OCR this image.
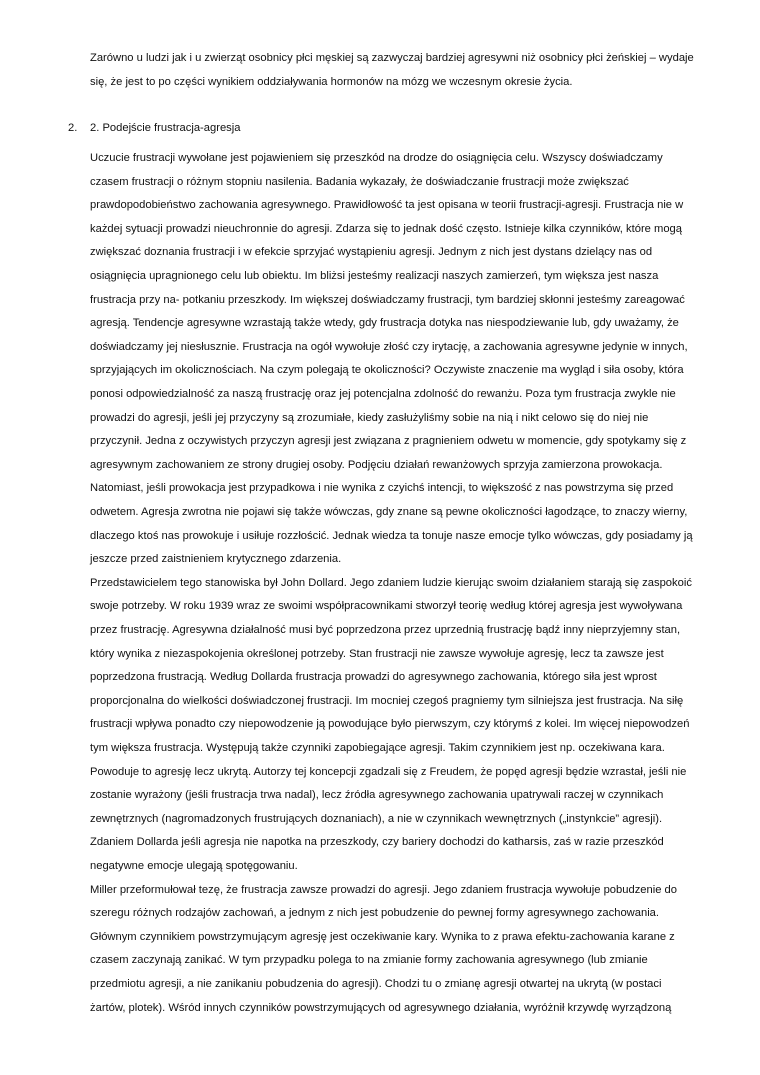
Zarówno u ludzi jak i u zwierząt osobnicy płci męskiej są zazwyczaj bardziej agresywni niż osobnicy płci żeńskiej – wydaje
się, że jest to po części wynikiem oddziaływania hormonów na mózg we wczesnym okresie życia.
2. 2. Podejście frustracja-agresja
Uczucie frustracji wywołane jest pojawieniem się przeszkód na drodze do osiągnięcia celu. Wszyscy doświadczamy
czasem frustracji o różnym stopniu nasilenia. Badania wykazały, że doświadczanie frustracji może zwiększać
prawdopodobieństwo zachowania agresywnego. Prawidłowość ta jest opisana w teorii frustracji-agresji. Frustracja nie w
każdej sytuacji prowadzi nieuchronnie do agresji. Zdarza się to jednak dość często. Istnieje kilka czynników, które mogą
zwiększać doznania frustracji i w efekcie sprzyjać wystąpieniu agresji. Jednym z nich jest dystans dzielący nas od
osiągnięcia upragnionego celu lub obiektu. Im bliżsi jesteśmy realizacji naszych zamierzeń, tym większa jest nasza
frustracja przy na- potkaniu przeszkody. Im większej doświadczamy frustracji, tym bardziej skłonni jesteśmy zareagować
agresją. Tendencje agresywne wzrastają także wtedy, gdy frustracja dotyka nas niespodziewanie lub, gdy uważamy, że
doświadczamy jej niesłusznie. Frustracja na ogół wywołuje złość czy irytację, a zachowania agresywne jedynie w innych,
sprzyjających im okolicznościach. Na czym polegają te okoliczności? Oczywiste znaczenie ma wygląd i siła osoby, która
ponosi odpowiedzialność za naszą frustrację oraz jej potencjalna zdolność do rewanżu. Poza tym frustracja zwykle nie
prowadzi do agresji, jeśli jej przyczyny są zrozumiałe, kiedy zasłużyliśmy sobie na nią i nikt celowo się do niej nie
przyczynił. Jedna z oczywistych przyczyn agresji jest związana z pragnieniem odwetu w momencie, gdy spotykamy się z
agresywnym zachowaniem ze strony drugiej osoby. Podjęciu działań rewanżowych sprzyja zamierzona prowokacja.
Natomiast, jeśli prowokacja jest przypadkowa i nie wynika z czyichś intencji, to większość z nas powstrzyma się przed
odwetem. Agresja zwrotna nie pojawi się także wówczas, gdy znane są pewne okoliczności łagodzące, to znaczy wierny,
dlaczego ktoś nas prowokuje i usiłuje rozzłościć. Jednak wiedza ta tonuje nasze emocje tylko wówczas, gdy posiadamy ją
jeszcze przed zaistnieniem krytycznego zdarzenia.
Przedstawicielem tego stanowiska był John Dollard. Jego zdaniem ludzie kierując swoim działaniem starają się zaspokoić
swoje potrzeby. W roku 1939 wraz ze swoimi współpracownikami stworzył teorię według której agresja jest wywoływana
przez frustrację. Agresywna działalność musi być poprzedzona przez uprzednią frustrację bądź inny nieprzyjemny stan,
który wynika z niezaspokojenia określonej potrzeby. Stan frustracji nie zawsze wywołuje agresję, lecz ta zawsze jest
poprzedzona frustracją. Według Dollarda frustracja prowadzi do agresywnego zachowania, którego siła jest wprost
proporcjonalna do wielkości doświadczonej frustracji. Im mocniej czegoś pragniemy tym silniejsza jest frustracja. Na siłę
frustracji wpływa ponadto czy niepowodzenie ją powodujące było pierwszym, czy którymś z kolei. Im więcej niepowodzeń
tym większa frustracja. Występują także czynniki zapobiegające agresji. Takim czynnikiem jest np. oczekiwana kara.
Powoduje to agresję lecz ukrytą. Autorzy tej koncepcji zgadzali się z Freudem, że popęd agresji będzie wzrastał, jeśli nie
zostanie wyrażony (jeśli frustracja trwa nadal), lecz źródła agresywnego zachowania upatrywali raczej w czynnikach
zewnętrznych (nagromadzonych frustrujących doznaniach), a nie w czynnikach wewnętrznych („instynkcie” agresji).
Zdaniem Dollarda jeśli agresja nie napotka na przeszkody, czy bariery dochodzi do katharsis, zaś w razie przeszkód
negatywne emocje ulegają spotęgowaniu.
Miller przeformułował tezę, że frustracja zawsze prowadzi do agresji. Jego zdaniem frustracja wywołuje pobudzenie do
szeregu różnych rodzajów zachowań, a jednym z nich jest pobudzenie do pewnej formy agresywnego zachowania.
Głównym czynnikiem powstrzymującym agresję jest oczekiwanie kary. Wynika to z prawa efektu-zachowania karane z
czasem zaczynają zanikać. W tym przypadku polega to na zmianie formy zachowania agresywnego (lub zmianie
przedmiotu agresji, a nie zanikaniu pobudzenia do agresji). Chodzi tu o zmianę agresji otwartej na ukrytą (w postaci
żartów, plotek). Wśród innych czynników powstrzymujących od agresywnego działania, wyróżnił krzywdę wyrządzoną
